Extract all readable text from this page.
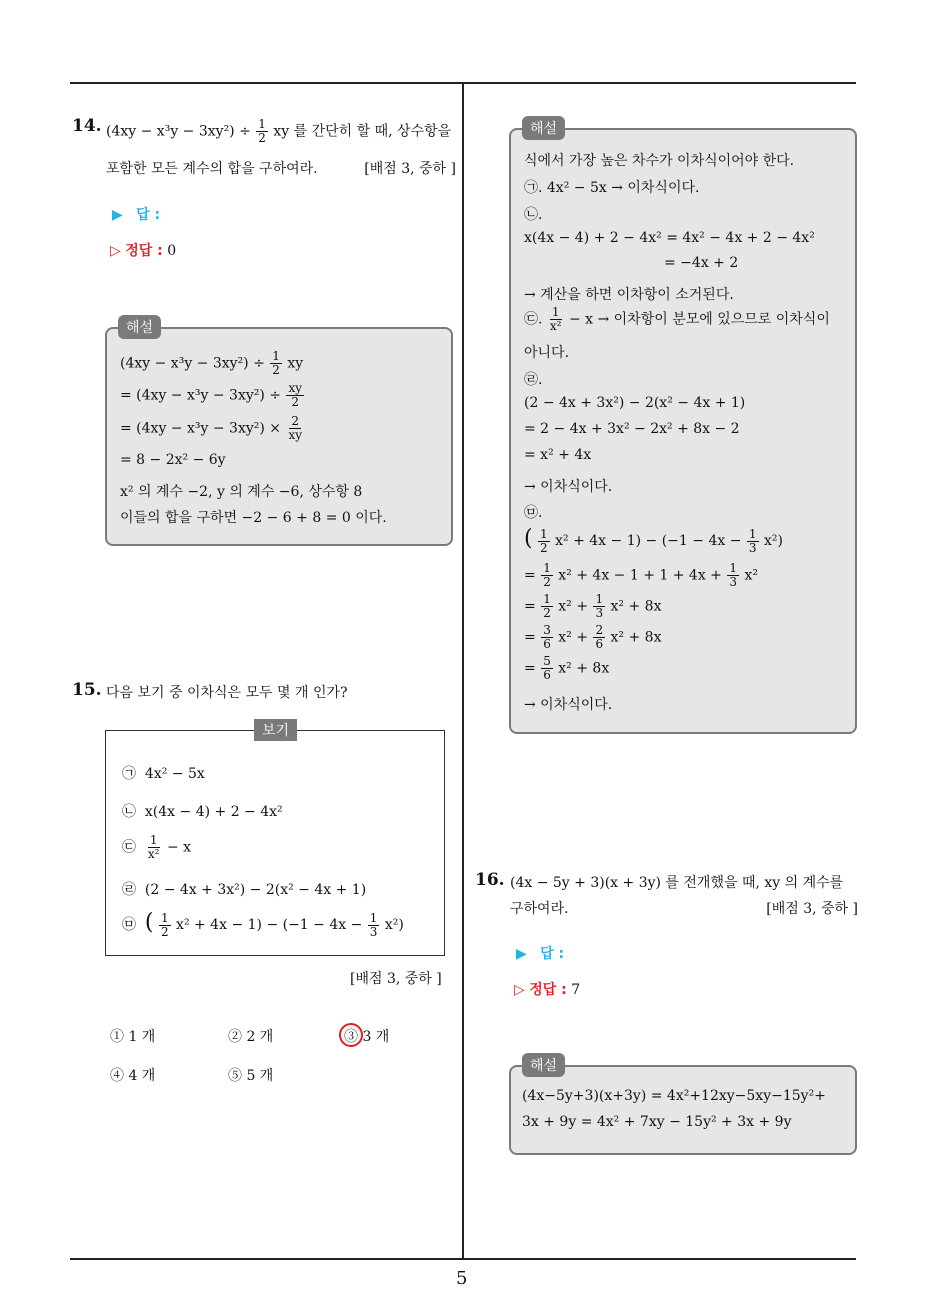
14. $(4xy - x^3y - 3xy^2) \div \frac{1}{2}$ xy 를 간단히 할 때, 상수항을
포함한 모든 계수의 합을 구하여라.	[배점 3, 중하 ]
▶ 답 :
▷ 정답 : 0
해설
$(4xy - x^3y - 3xy^2) \div \frac{1}{2}$ xy
= $(4xy - x^3y - 3xy^2) \div \frac{xy}{2}$
= $(4xy - x^3y - 3xy^2) \times \frac{2}{xy}$
= 8 − 2x² − 6y
x² 의 계수 −2, y 의 계수 −6, 상수항 8
이들의 합을 구하면 −2 − 6 + 8 = 0 이다.
15. 다음 보기 중 이차식은 모두 몇 개 인가?
보기
㉠ 4x² − 5x
㉡ x(4x − 4) + 2 − 4x²
㉢ $\frac{1}{\text{x²}} - x$
㉣ (2 − 4x + 3x²) − 2(x² − 4x + 1)
㉤ ( $\frac{1}{2} x^2 + 4x - 1) - (-1 - 4x - \frac{1}{3} x^2)$
[배점 3, 중하 ]
① 1 개	② 2 개	③ 3 개
④ 4 개	⑤ 5 개
해설
식에서 가장 높은 차수가 이차식이어야 한다.
㉠. 4x² − 5x → 이차식이다.
㉡.
x(4x − 4) + 2 − 4x² = 4x² − 4x + 2 − 4x²
= −4x + 2
→ 계산을 하면 이차항이 소거된다.
㉢. $\frac{1}{\text{x²}} - x$ → 이차항이 분모에 있으므로 이차식이
아니다.
㉣.
(2 − 4x + 3x²) − 2(x² − 4x + 1)
= 2 − 4x + 3x² − 2x² + 8x − 2
= x² + 4x
→ 이차식이다.
㉤.
( $\frac{1}{2} x^2 + 4x - 1) - (-1 - 4x - \frac{1}{3} x^2)$
= $\frac{1}{2} x^2 + 4x - 1 + 1 + 4x + \frac{1}{3} x^2$
= $\frac{1}{2} x^2 + \frac{1}{3} x^2 + 8x$
= $\frac{3}{6} x^2 + \frac{2}{6} x^2 + 8x$
= $\frac{5}{6} x^2 + 8x$
→ 이차식이다.
16. (4x − 5y + 3)(x + 3y) 를 전개했을 때, xy 의 계수를
구하여라.	[배점 3, 중하 ]
▶ 답 :
▷ 정답 : 7
해설
(4x−5y+3)(x+3y) = 4x²+12xy−5xy−15y²+
3x + 9y = 4x² + 7xy − 15y² + 3x + 9y
5
